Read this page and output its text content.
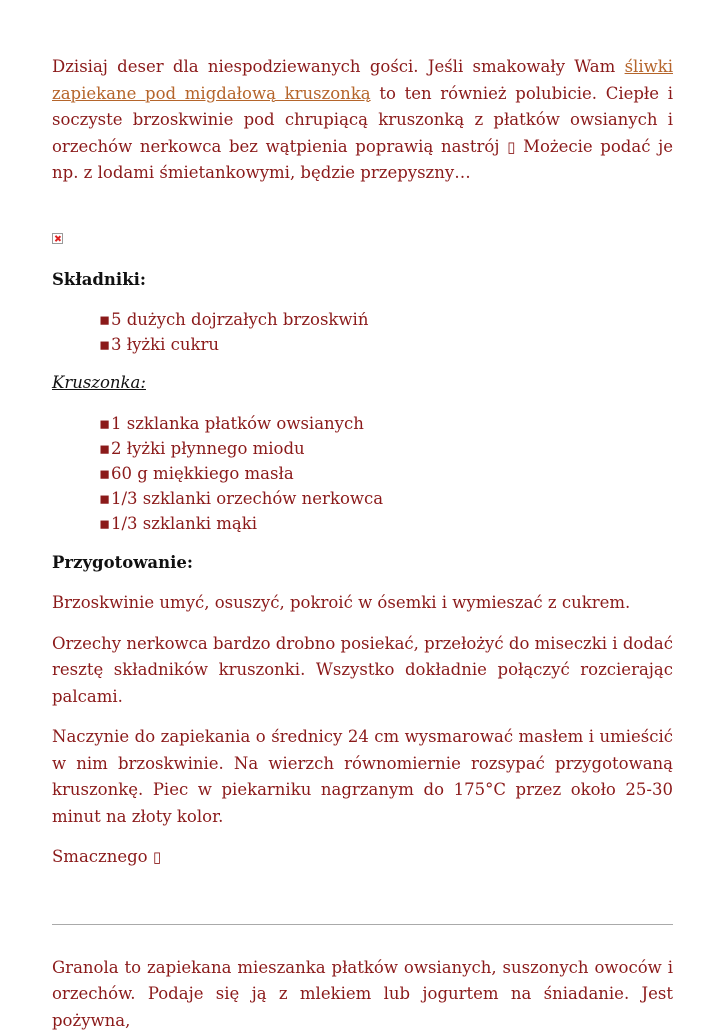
Dzisiaj deser dla niespodziewanych gości. Jeśli smakowały Wam śliwki zapiekane pod migdałową kruszonką to ten również polubicie. Ciepłe i soczyste brzoskwinie pod chrupiącą kruszonką z płatków owsianych i orzechów nerkowca bez wątpienia poprawią nastrój ▯ Możecie podać je np. z lodami śmietankowymi, będzie przepyszny…

Składniki:

▪ 5 dużych dojrzałych brzoskwiń
▪ 3 łyżki cukru

Kruszonka:

▪ 1 szklanka płatków owsianych
▪ 2 łyżki płynnego miodu
▪ 60 g miękkiego masła
▪ 1/3 szklanki orzechów nerkowca
▪ 1/3 szklanki mąki

Przygotowanie:

Brzoskwinie umyć, osuszyć, pokroić w ósemki i wymieszać z cukrem.

Orzechy nerkowca bardzo drobno posiekać, przełożyć do miseczki i dodać resztę składników kruszonki. Wszystko dokładnie połączyć rozcierając palcami.

Naczynie do zapiekania o średnicy 24 cm wysmarować masłem i umieścić w nim brzoskwinie. Na wierzch równomiernie rozsypać przygotowaną kruszonkę. Piec w piekarniku nagrzanym do 175°C przez około 25-30 minut na złoty kolor.

Smacznego ▯

Granola to zapiekana mieszanka płatków owsianych, suszonych owoców i orzechów. Podaje się ją z mlekiem lub jogurtem na śniadanie. Jest pożywna,
